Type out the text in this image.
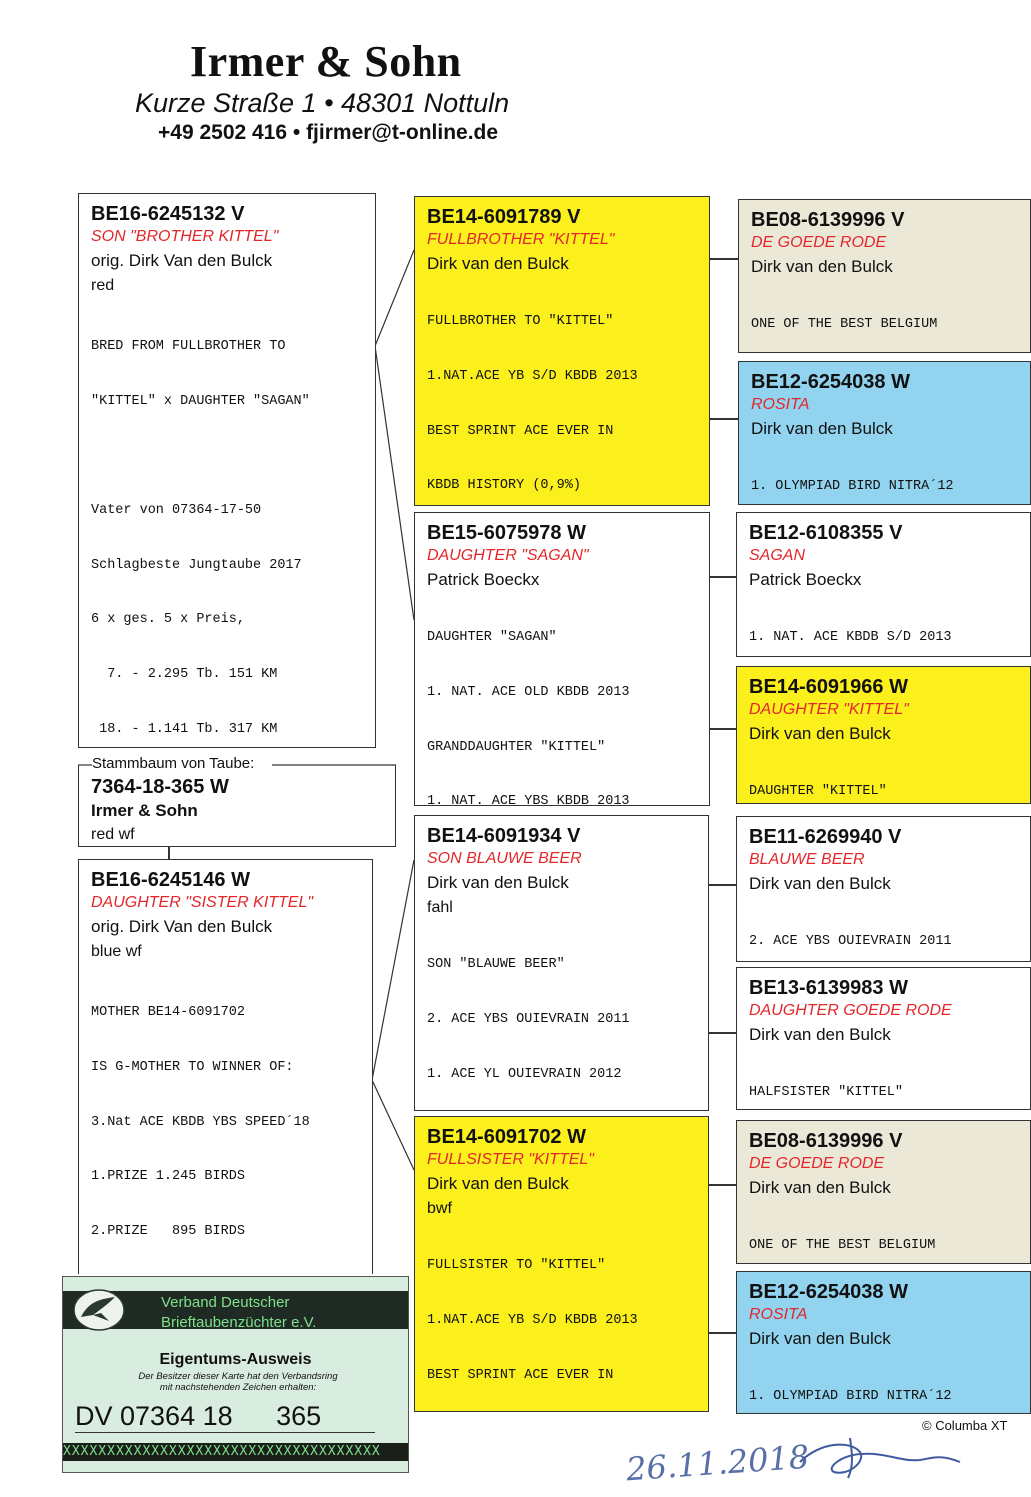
Irmer & Sohn
Kurze Straße 1 • 48301 Nottuln
+49 2502 416 • fjirmer@t-online.de
BE16-6245132 V
SON "BROTHER KITTEL"
orig. Dirk Van den Bulck
red

BRED FROM FULLBROTHER TO

"KITTEL" x DAUGHTER "SAGAN"

Vater von 07364-17-50

Schlagbeste Jungtaube 2017

6 x ges. 5 x Preis,

7. - 2.295 Tb. 151 KM

18. - 1.141 Tb. 317 KM

Stammbaum von Taube:
7364-18-365 W
Irmer & Sohn
red wf
BE16-6245146 W
DAUGHTER "SISTER KITTEL"
orig. Dirk Van den Bulck
blue wf

MOTHER BE14-6091702

IS G-MOTHER TO WINNER OF:

3.Nat ACE KBDB YBS SPEED´18

1.PRIZE 1.245 BIRDS

2.PRIZE   895 BIRDS

BE14-6091789 V
FULLBROTHER "KITTEL"
Dirk van den Bulck

FULLBROTHER TO "KITTEL"

1.NAT.ACE YB S/D KBDB 2013

BEST SPRINT ACE EVER IN

KBDB HISTORY (0,9%)

BE15-6075978 W
DAUGHTER "SAGAN"
Patrick Boeckx

DAUGHTER "SAGAN"

1. NAT. ACE OLD KBDB 2013

GRANDDAUGHTER "KITTEL"

1. NAT. ACE YBS KBDB 2013

BE14-6091934 V
SON BLAUWE BEER
Dirk van den Bulck
fahl

SON "BLAUWE BEER"

2. ACE YBS OUIEVRAIN 2011

1. ACE YL OUIEVRAIN 2012

BE14-6091702 W
FULLSISTER "KITTEL"
Dirk van den Bulck
bwf

FULLSISTER TO "KITTEL"

1.NAT.ACE YB S/D KBDB 2013

BEST SPRINT ACE EVER IN

BE08-6139996 V
DE GOEDE RODE
Dirk van den Bulck

ONE OF THE BEST BELGIUM

BE12-6254038 W
ROSITA
Dirk van den Bulck

1. OLYMPIAD BIRD NITRA´12

BE12-6108355 V
SAGAN
Patrick Boeckx

1. NAT. ACE KBDB S/D 2013

BE14-6091966 W
DAUGHTER "KITTEL"
Dirk van den Bulck

DAUGHTER "KITTEL"

BE11-6269940 V
BLAUWE BEER
Dirk van den Bulck

2. ACE YBS OUIEVRAIN 2011

BE13-6139983 W
DAUGHTER GOEDE RODE
Dirk van den Bulck

HALFSISTER "KITTEL"

BE08-6139996 V
DE GOEDE RODE
Dirk van den Bulck

ONE OF THE BEST BELGIUM

BE12-6254038 W
ROSITA
Dirk van den Bulck

1. OLYMPIAD BIRD NITRA´12

Verband Deutscher
Brieftaubenzüchter e.V.
Eigentums-Ausweis
Der Besitzer dieser Karte hat den Verbandsring
mit nachstehenden Zeichen erhalten:
DV 07364 18 365
XXXXXXXXXXXXXXXXXXXXXXXXXXXXXXXXXXXX
© Columba XT
26.11.2018
